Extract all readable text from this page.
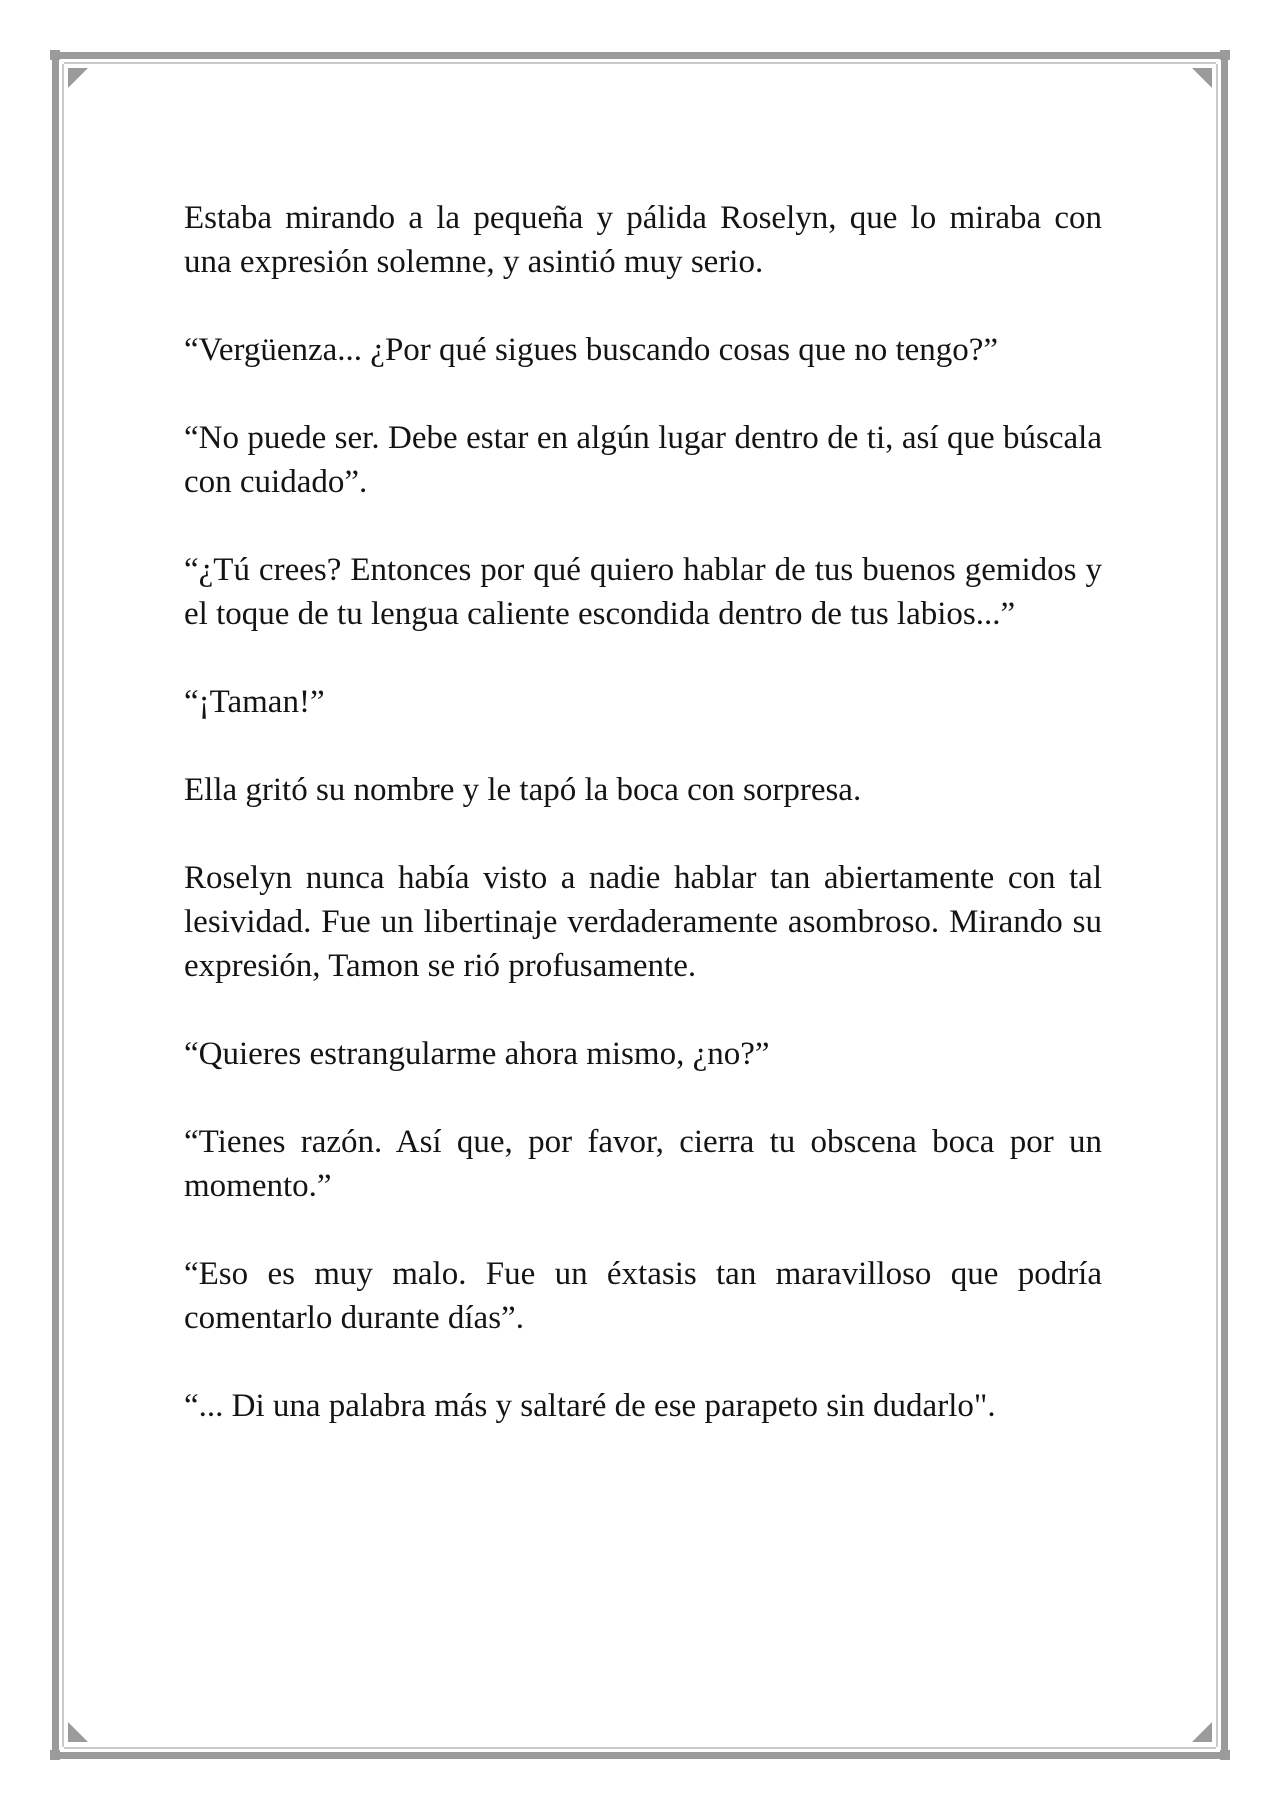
Estaba mirando a la pequeña y pálida Roselyn, que lo miraba con una expresión solemne, y asintió muy serio.

“Vergüenza... ¿Por qué sigues buscando cosas que no tengo?”

“No puede ser. Debe estar en algún lugar dentro de ti, así que búscala con cuidado”.

“¿Tú crees? Entonces por qué quiero hablar de tus buenos gemidos y el toque de tu lengua caliente escondida dentro de tus labios...”

“¡Taman!”

Ella gritó su nombre y le tapó la boca con sorpresa.

Roselyn nunca había visto a nadie hablar tan abiertamente con tal lesividad. Fue un libertinaje verdaderamente asombroso. Mirando su expresión, Tamon se rió profusamente.

“Quieres estrangularme ahora mismo, ¿no?”

“Tienes razón. Así que, por favor, cierra tu obscena boca por un momento.”

“Eso es muy malo. Fue un éxtasis tan maravilloso que podría comentarlo durante días”.

“... Di una palabra más y saltaré de ese parapeto sin dudarlo".
